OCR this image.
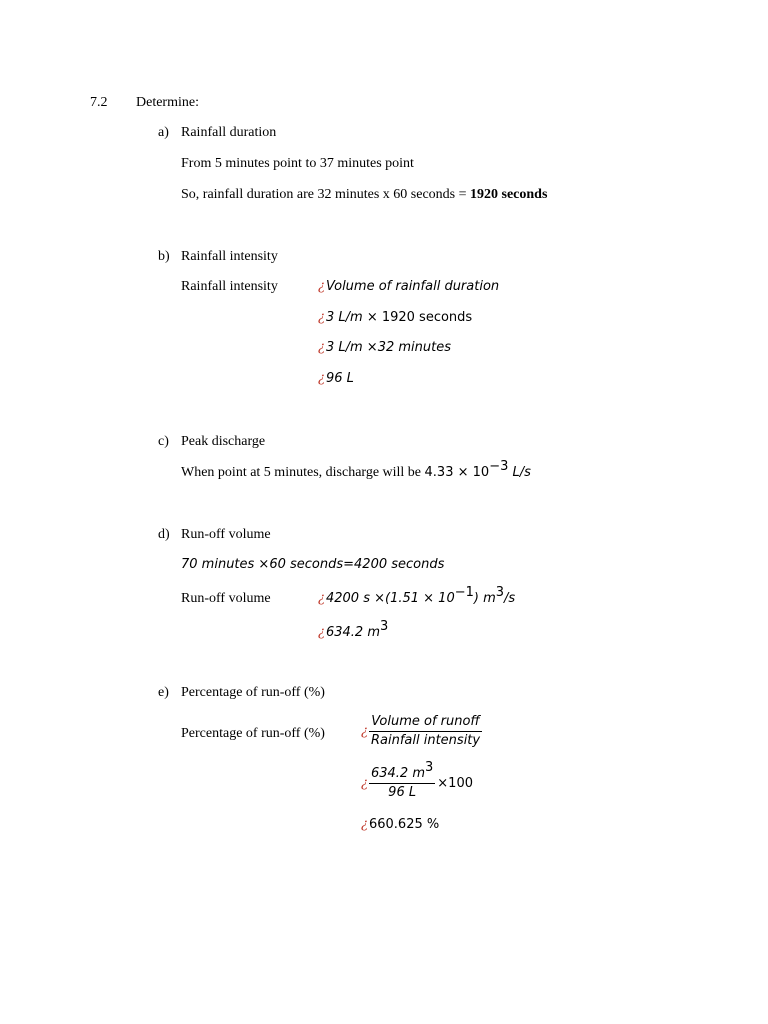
7.2 Determine:
a) Rainfall duration
From 5 minutes point to 37 minutes point
So, rainfall duration are 32 minutes x 60 seconds = 1920 seconds
b) Rainfall intensity
Rainfall intensity	¿Volume of rainfall duration
¿3 L/m × 1920 seconds
¿3 L/m ×32 minutes
¿96 L
c) Peak discharge
When point at 5 minutes, discharge will be $4.33 \times 10^{-3}$ L/s
d) Run-off volume
70 minutes ×60 seconds=4200 seconds
Run-off volume	¿4200 $s \times(1.51 \times 10^{-1})$ $m^3/s$
¿634.2 $m^3$
e) Percentage of run-off (%)
Percentage of run-off (%)	¿ $\frac{\text{Volume of runoff}}{\text{Rainfall intensity}}$
¿ $\frac{634.2 m^3}{96 L} \times 100$
¿660.625 %
